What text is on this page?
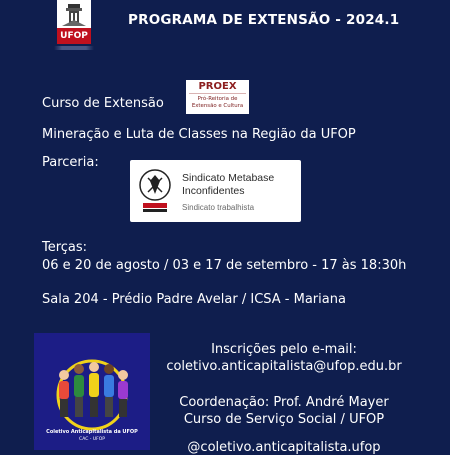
UFOP
PROGRAMA DE EXTENSÃO - 2024.1
Curso de Extensão
PROEX
Pró-Reitoria de
Extensão e Cultura
Mineração e Luta de Classes na Região da UFOP
Parceria:
Sindicato Metabase
Inconfidentes
Sindicato trabalhista
Terças:
06 e 20 de agosto / 03 e 17 de setembro - 17 às 18:30h
Sala 204 - Prédio Padre Avelar / ICSA - Mariana
Coletivo Anticapitalista da UFOP
CAC - UFOP
Inscrições pelo e-mail:
coletivo.anticapitalista@ufop.edu.br
Coordenação: Prof. André Mayer
Curso de Serviço Social / UFOP
@coletivo.anticapitalista.ufop
